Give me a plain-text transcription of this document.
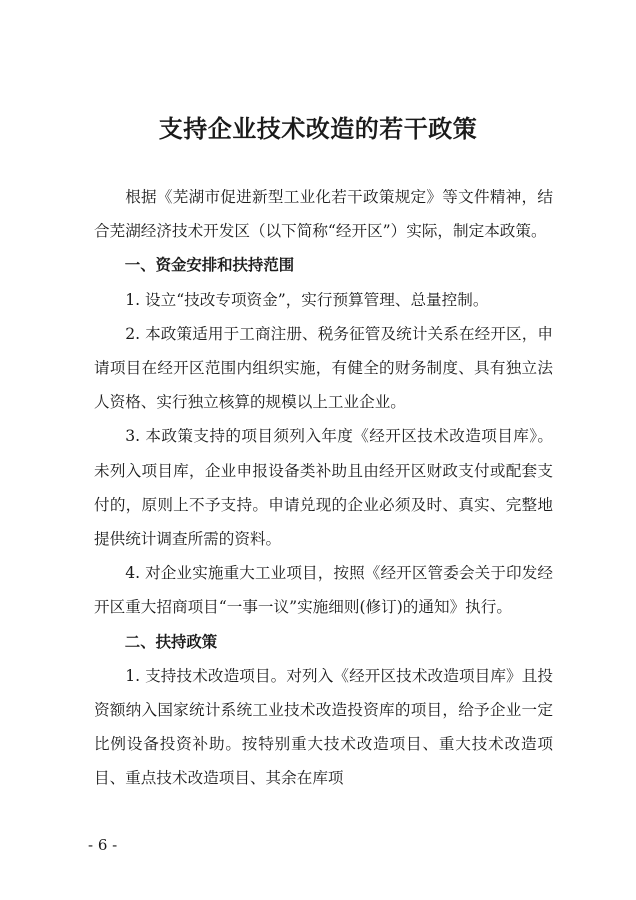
支持企业技术改造的若干政策

根据《芜湖市促进新型工业化若干政策规定》等文件精神，结合芜湖经济技术开发区（以下简称“经开区”）实际，制定本政策。

一、资金安排和扶持范围

1. 设立“技改专项资金”，实行预算管理、总量控制。

2. 本政策适用于工商注册、税务征管及统计关系在经开区，申请项目在经开区范围内组织实施，有健全的财务制度、具有独立法人资格、实行独立核算的规模以上工业企业。

3. 本政策支持的项目须列入年度《经开区技术改造项目库》。未列入项目库，企业申报设备类补助且由经开区财政支付或配套支付的，原则上不予支持。申请兑现的企业必须及时、真实、完整地提供统计调查所需的资料。

4. 对企业实施重大工业项目，按照《经开区管委会关于印发经开区重大招商项目“一事一议”实施细则(修订)的通知》执行。

二、扶持政策

1. 支持技术改造项目。对列入《经开区技术改造项目库》且投资额纳入国家统计系统工业技术改造投资库的项目，给予企业一定比例设备投资补助。按特别重大技术改造项目、重大技术改造项目、重点技术改造项目、其余在库项

- 6 -
